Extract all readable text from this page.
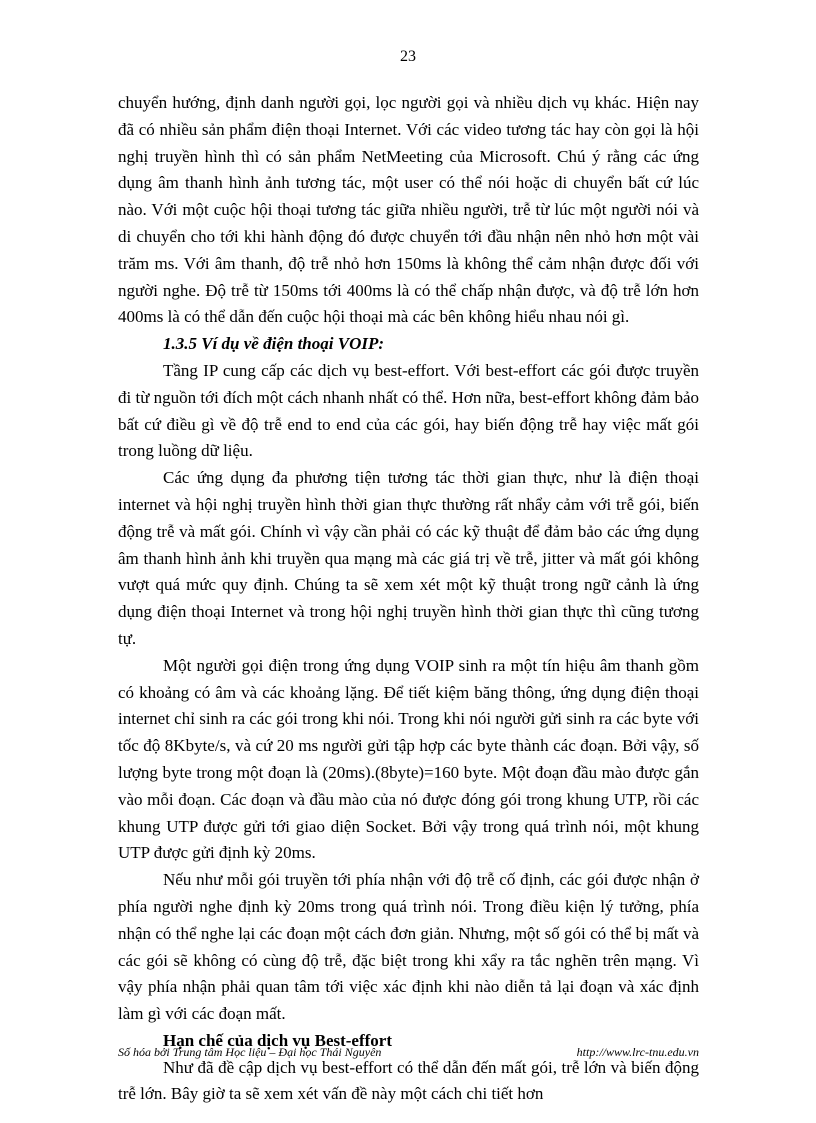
23

chuyển hướng, định danh người gọi, lọc người gọi và nhiều dịch vụ khác. Hiện nay đã có nhiều sản phẩm điện thoại Internet. Với các video tương tác hay còn gọi là hội nghị truyền hình thì có sản phẩm NetMeeting của Microsoft. Chú ý rằng các ứng dụng âm thanh hình ảnh tương tác, một user có thể nói hoặc di chuyển bất cứ lúc nào. Với một cuộc hội thoại tương tác giữa nhiều người, trễ từ lúc một người nói và di chuyển cho tới khi hành động đó được chuyển tới đầu nhận nên nhỏ hơn một vài trăm ms. Với âm thanh, độ trễ nhỏ hơn 150ms là không thể cảm nhận được đối với người nghe. Độ trễ từ 150ms tới 400ms là có thể chấp nhận được, và độ trễ lớn hơn 400ms là có thể dẫn đến cuộc hội thoại mà các bên không hiểu nhau nói gì.

1.3.5 Ví dụ về điện thoại VOIP:

Tầng IP cung cấp các dịch vụ best-effort. Với best-effort các gói được truyền đi từ nguồn tới đích một cách nhanh nhất có thể. Hơn nữa, best-effort không đảm bảo bất cứ điều gì về độ trễ end to end của các gói, hay biến động trễ hay việc mất gói trong luồng dữ liệu.

Các ứng dụng đa phương tiện tương tác thời gian thực, như là điện thoại internet và hội nghị truyền hình thời gian thực thường rất nhẩy cảm với trễ gói, biến động trễ và mất gói. Chính vì vậy cần phải có các kỹ thuật để đảm bảo các ứng dụng âm thanh hình ảnh khi truyền qua mạng mà các giá trị về trễ, jitter và mất gói không vượt quá mức quy định. Chúng ta sẽ xem xét một kỹ thuật trong ngữ cảnh là ứng dụng điện thoại Internet và trong hội nghị truyền hình thời gian thực thì cũng tương tự.

Một người gọi điện trong ứng dụng VOIP sinh ra một tín hiệu âm thanh gồm có khoảng có âm và các khoảng lặng. Để tiết kiệm băng thông, ứng dụng điện thoại internet chỉ sinh ra các gói trong khi nói. Trong khi nói người gửi sinh ra các byte với tốc độ 8Kbyte/s, và cứ 20 ms người gửi tập hợp các byte thành các đoạn. Bởi vậy, số lượng byte trong một đoạn là (20ms).(8byte)=160 byte. Một đoạn đầu mào được gắn vào mỗi đoạn. Các đoạn và đầu mào của nó được đóng gói trong khung UTP, rồi các khung UTP được gửi tới giao diện Socket. Bởi vậy trong quá trình nói, một khung UTP được gửi định kỳ 20ms.

Nếu như mỗi gói truyền tới phía nhận với độ trễ cố định, các gói được nhận ở phía người nghe định kỳ 20ms trong quá trình nói. Trong điều kiện lý tưởng, phía nhận có thể nghe lại các đoạn một cách đơn giản. Nhưng, một số gói có thể bị mất và các gói sẽ không có cùng độ trễ, đặc biệt trong khi xẩy ra tắc nghẽn trên mạng. Vì vậy phía nhận phải quan tâm tới việc xác định khi nào diễn tả lại đoạn và xác định làm gì với các đoạn mất.

Hạn chế của dịch vụ Best-effort

Như đã đề cập dịch vụ best-effort có thể dẫn đến mất gói, trễ lớn và biến động trễ lớn. Bây giờ ta sẽ xem xét vấn đề này một cách chi tiết hơn

Số hóa bởi Trung tâm Học liệu – Đại học Thái Nguyên	http://www.lrc-tnu.edu.vn
